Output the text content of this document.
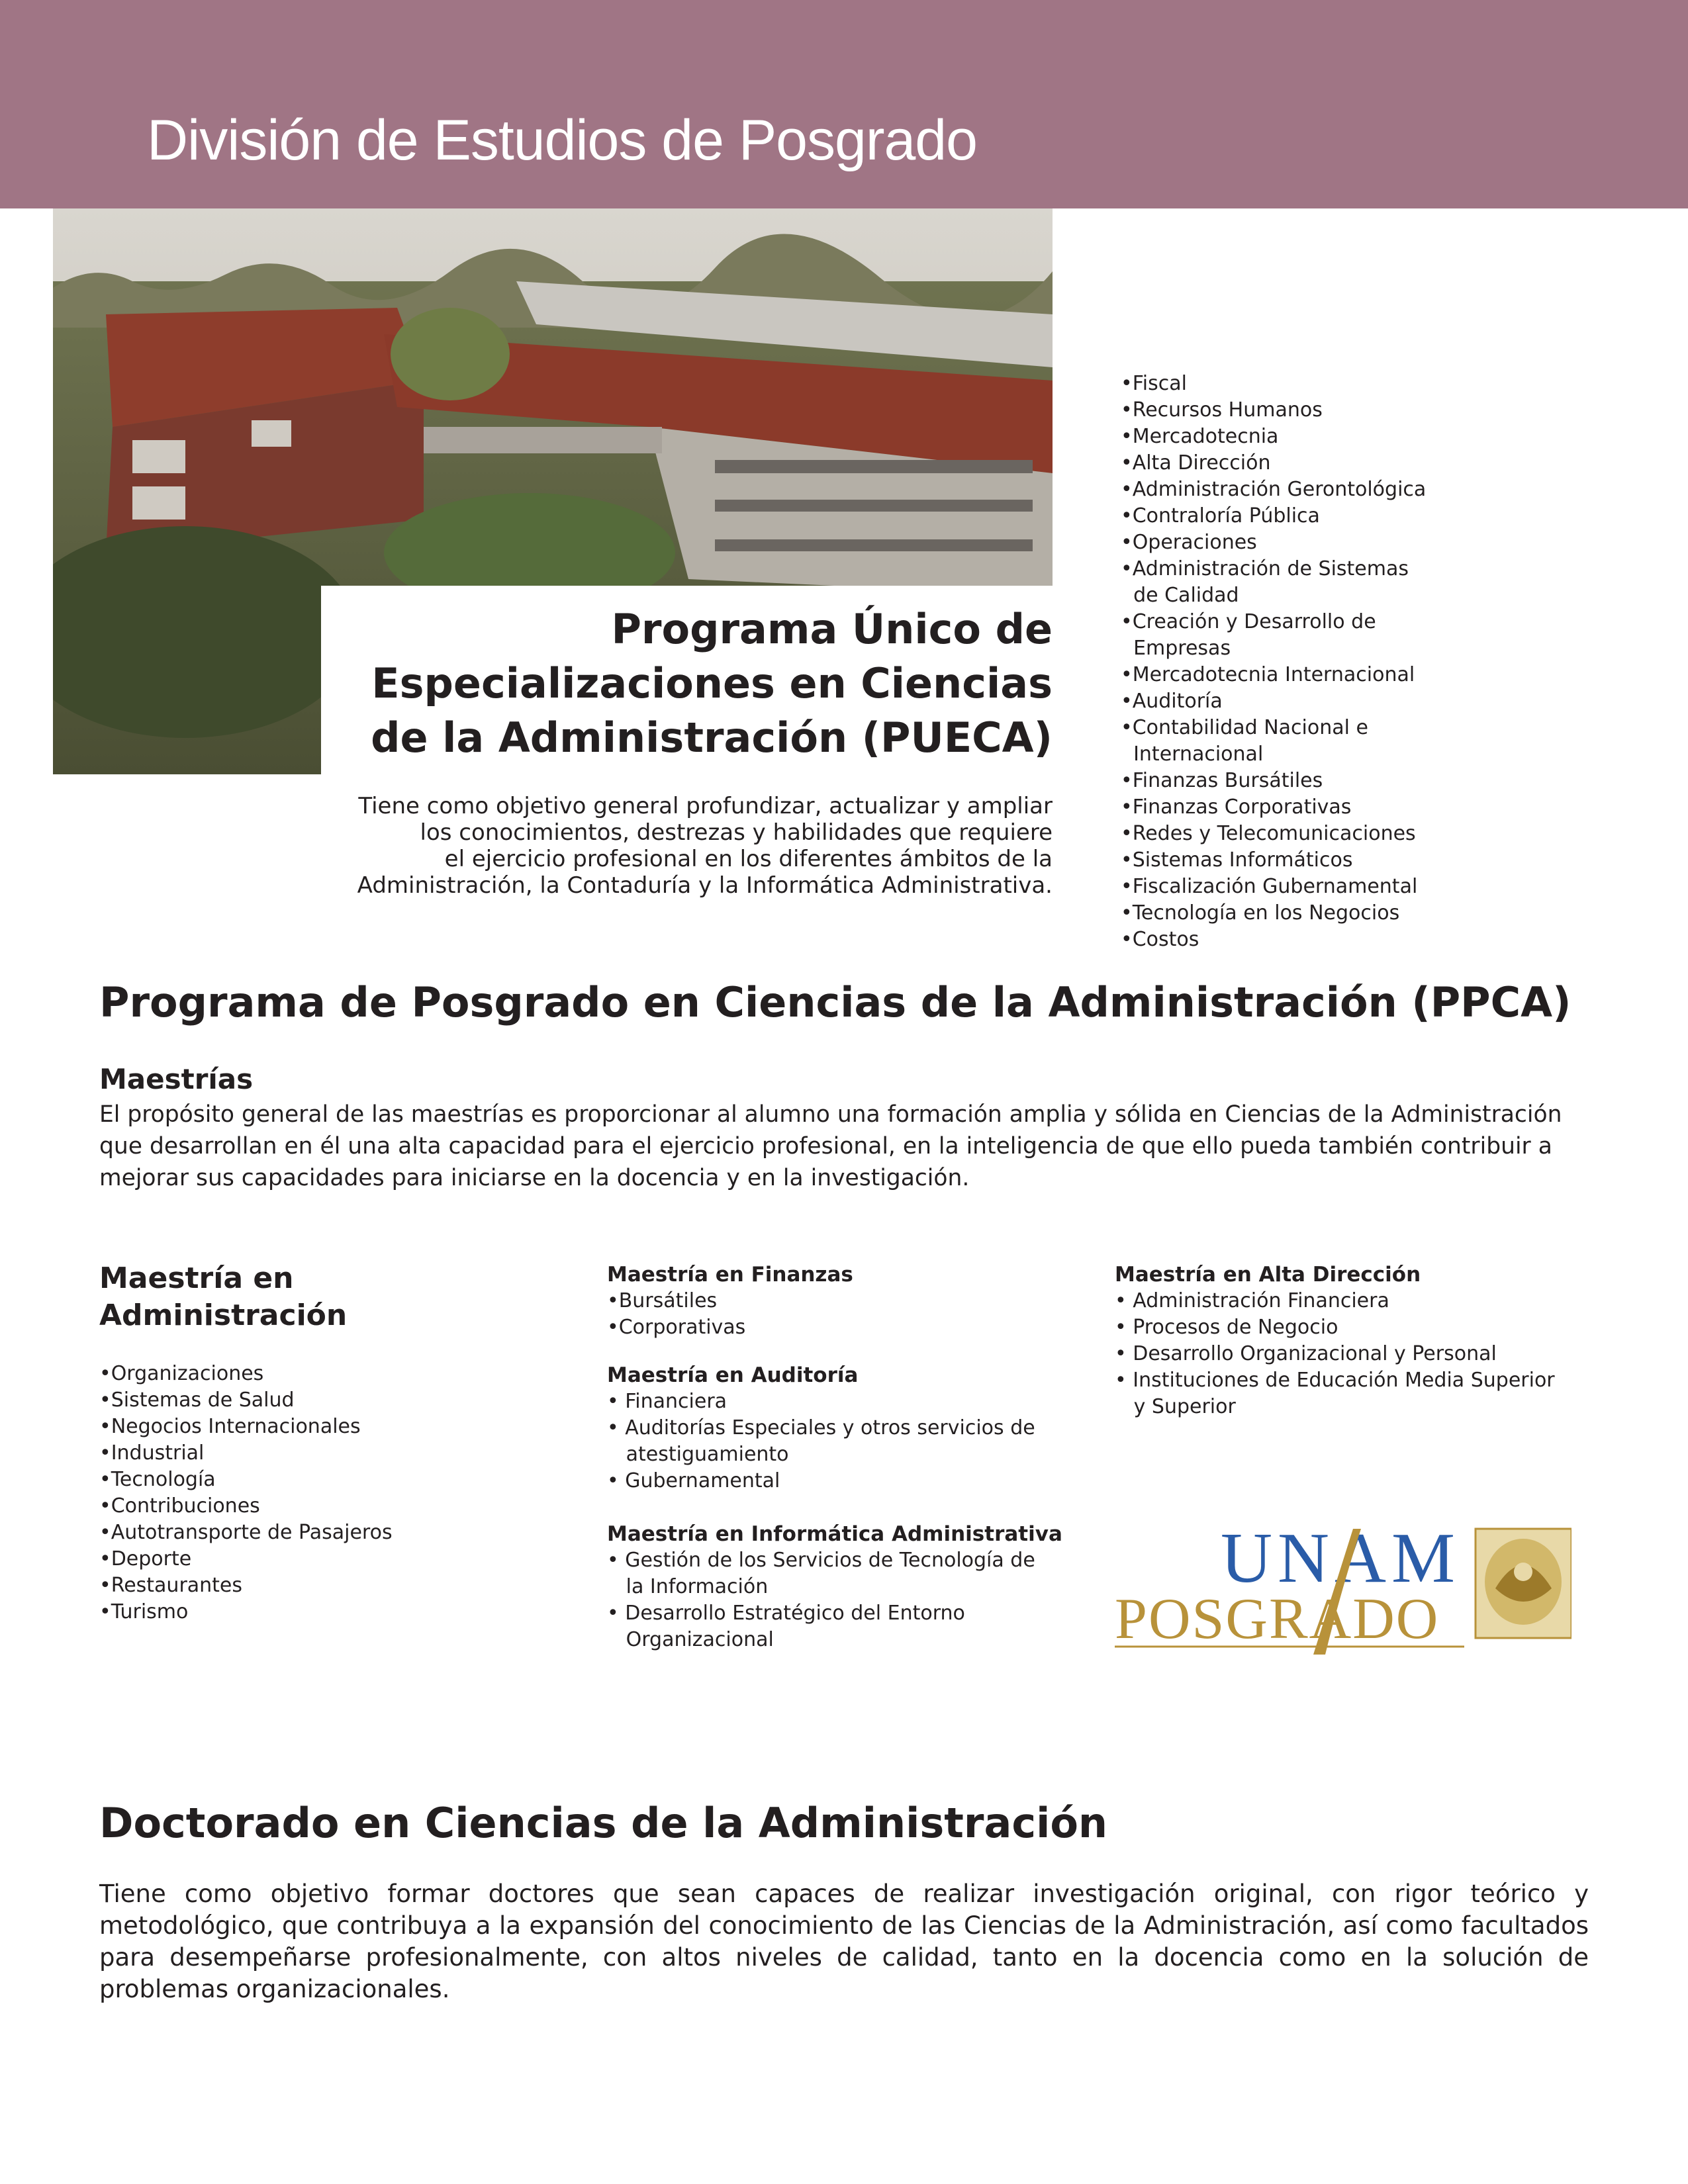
División de Estudios de Posgrado
Programa Único de
Especializaciones en Ciencias
de la Administración (PUECA)
Tiene como objetivo general profundizar, actualizar y ampliar
los conocimientos, destrezas y habilidades que requiere
el ejercicio profesional en los diferentes ámbitos de la
Administración, la Contaduría y la Informática Administrativa.
•Fiscal
•Recursos Humanos
•Mercadotecnia
•Alta Dirección
•Administración Gerontológica
•Contraloría Pública
•Operaciones
•Administración de Sistemas
de Calidad
•Creación y Desarrollo de
Empresas
•Mercadotecnia Internacional
•Auditoría
•Contabilidad Nacional e
Internacional
•Finanzas Bursátiles
•Finanzas Corporativas
•Redes y Telecomunicaciones
•Sistemas Informáticos
•Fiscalización Gubernamental
•Tecnología en los Negocios
•Costos
Programa de Posgrado en Ciencias de la Administración (PPCA)
Maestrías
El propósito general de las maestrías es proporcionar al alumno una formación amplia y sólida en Ciencias de la Administración que desarrollan en él una alta capacidad para el ejercicio profesional, en la inteligencia de que ello pueda también contribuir a mejorar sus capacidades para iniciarse en la docencia y en la investigación.
Maestría en Administración
•Organizaciones
•Sistemas de Salud
•Negocios Internacionales
•Industrial
•Tecnología
•Contribuciones
•Autotransporte de Pasajeros
•Deporte
•Restaurantes
•Turismo
Maestría en Finanzas
•Bursátiles
•Corporativas
Maestría en Auditoría
• Financiera
• Auditorías Especiales y otros servicios de
atestiguamiento
• Gubernamental
Maestría en Informática Administrativa
• Gestión de los Servicios de Tecnología de
la Información
• Desarrollo Estratégico del Entorno
Organizacional
Maestría en Alta Dirección
• Administración Financiera
• Procesos de Negocio
• Desarrollo Organizacional y Personal
• Instituciones de Educación Media Superior
y Superior
UNAM
POSGRADO
Doctorado en Ciencias de la Administración
Tiene como objetivo formar doctores que sean capaces de realizar investigación original, con rigor teórico y metodológico, que contribuya a la expansión del conocimiento de las Ciencias de la Administración, así como facultados para desempeñarse profesionalmente, con altos niveles de calidad, tanto en la docencia como en la solución de problemas organizacionales.
